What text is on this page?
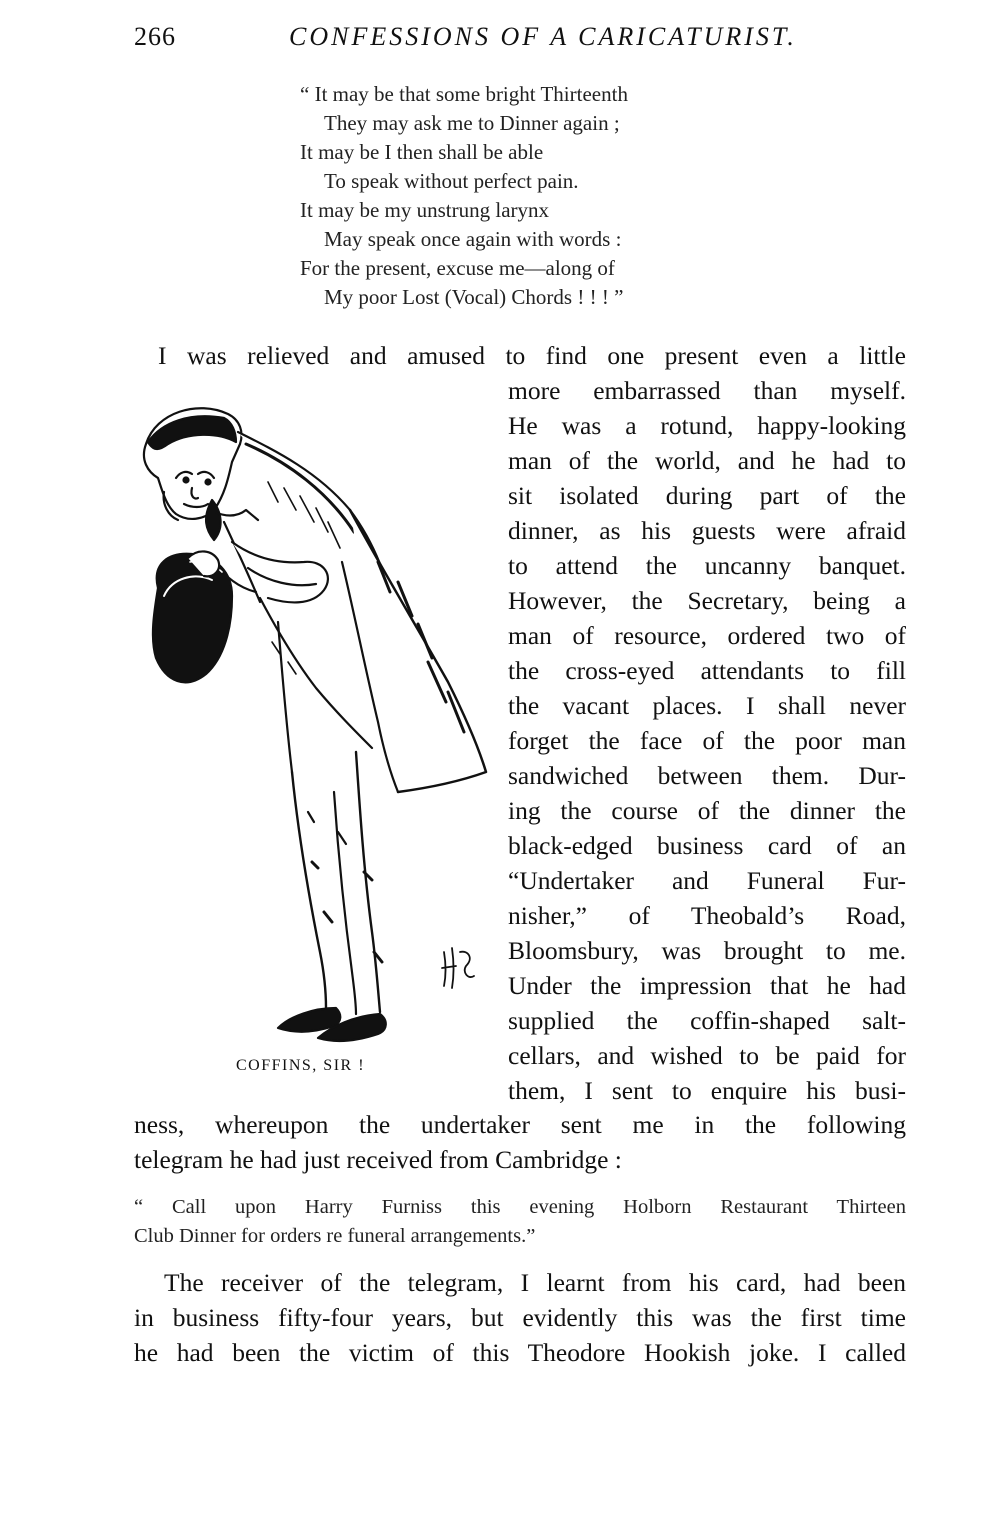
266	CONFESSIONS OF A CARICATURIST.
“ It may be that some bright Thirteenth
They may ask me to Dinner again ;
It may be I then shall be able
To speak without perfect pain.
It may be my unstrung larynx
May speak once again with words :
For the present, excuse me—along of
My poor Lost (Vocal) Chords ! ! ! ”
I was relieved and amused to find one present even a little
more embarrassed than myself.
He was a rotund, happy-looking
man of the world, and he had to
sit isolated during part of the
dinner, as his guests were afraid
to attend the uncanny banquet.
However, the Secretary, being a
man of resource, ordered two of
the cross-eyed attendants to fill
the vacant places. I shall never
forget the face of the poor man
sandwiched between them. Dur-
ing the course of the dinner the
black-edged business card of an
“Undertaker and Funeral Fur-
nisher,” of Theobald’s Road,
Bloomsbury, was brought to me.
Under the impression that he had
supplied the coffin-shaped salt-
cellars, and wished to be paid for
them, I sent to enquire his busi-
ness, whereupon the undertaker sent me in the following
telegram he had just received from Cambridge :
“ Call upon Harry Furniss this evening Holborn Restaurant Thirteen
Club Dinner for orders re funeral arrangements.”
The receiver of the telegram, I learnt from his card, had been
in business fifty-four years, but evidently this was the first time
he had been the victim of this Theodore Hookish joke. I called
COFFINS, SIR !
